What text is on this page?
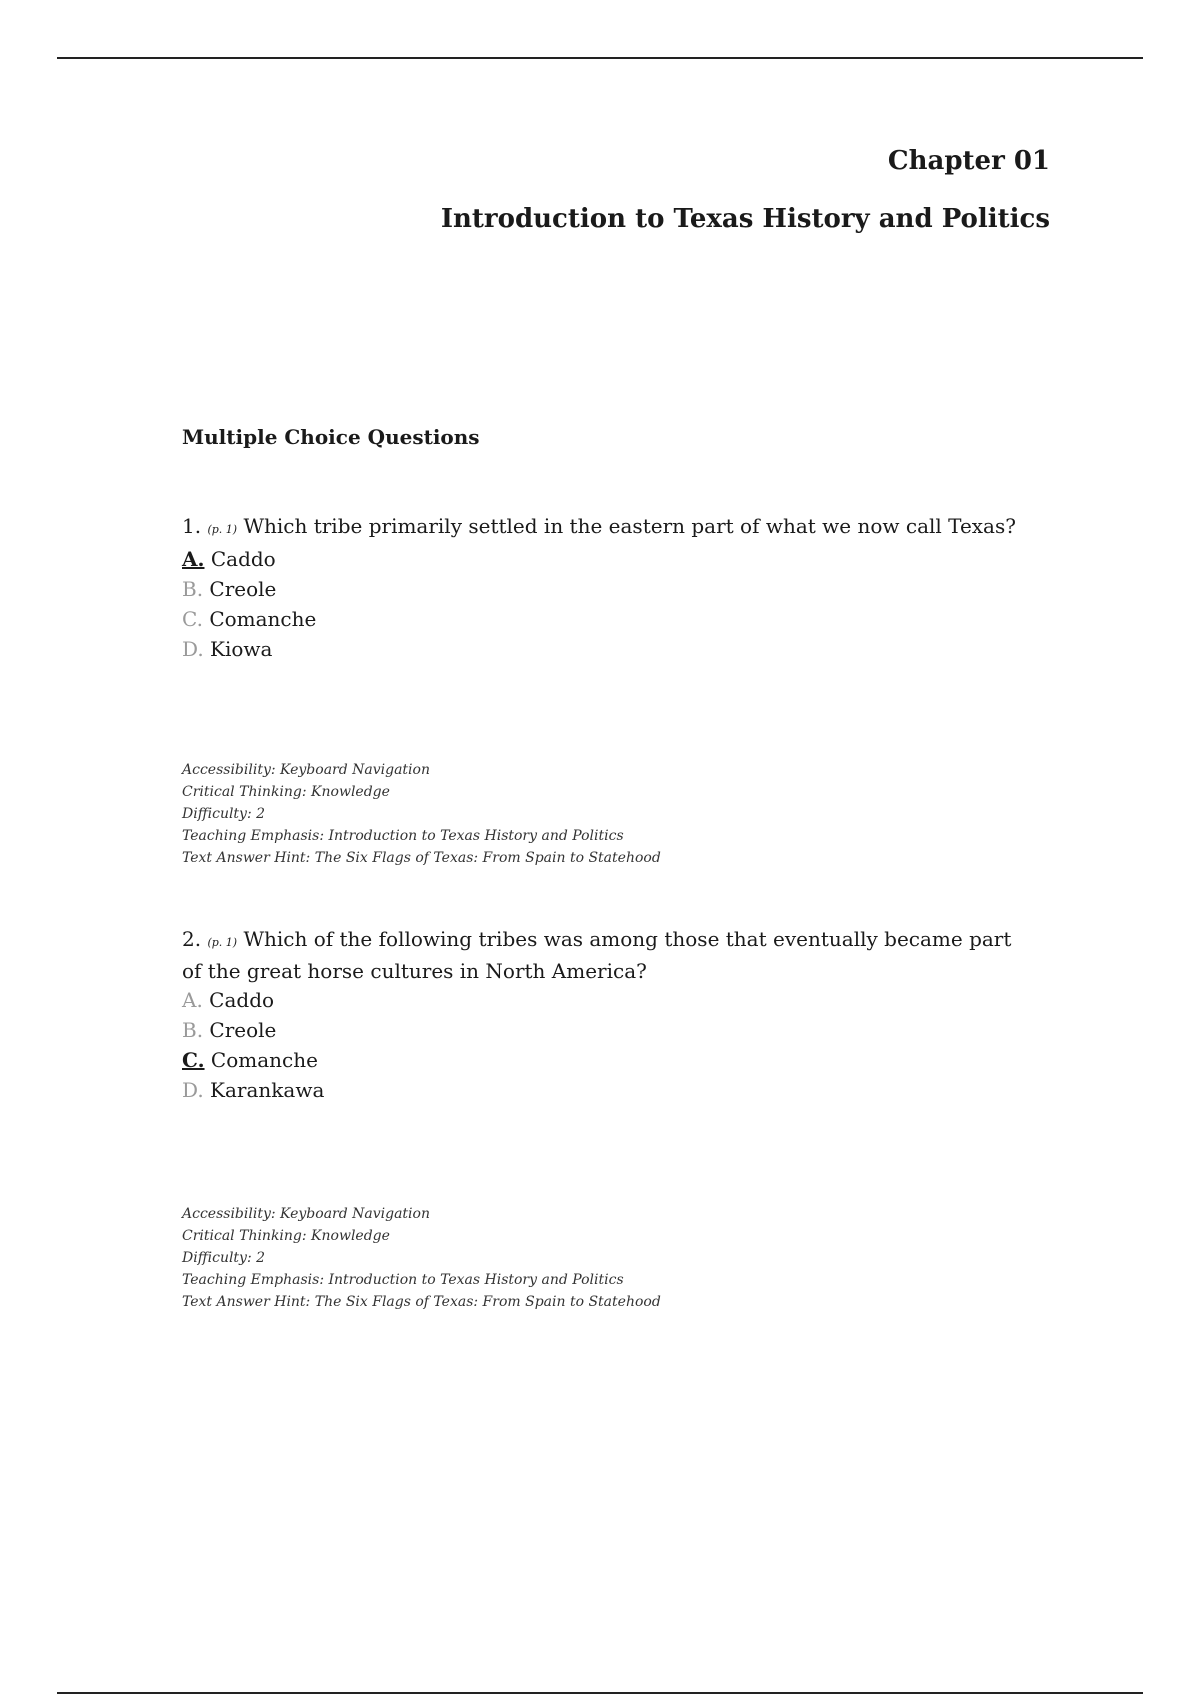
Chapter 01
Introduction to Texas History and Politics
Multiple Choice Questions

1. (p. 1) Which tribe primarily settled in the eastern part of what we now call Texas?

A. Caddo
B. Creole
C. Comanche
D. Kiowa

Accessibility: Keyboard Navigation

Critical Thinking: Knowledge

Difficulty: 2

Teaching Emphasis: Introduction to Texas History and Politics

Text Answer Hint: The Six Flags of Texas: From Spain to Statehood

2. (p. 1) Which of the following tribes was among those that eventually became part of the great horse cultures in North America?

A. Caddo
B. Creole
C. Comanche
D. Karankawa

Accessibility: Keyboard Navigation

Critical Thinking: Knowledge

Difficulty: 2

Teaching Emphasis: Introduction to Texas History and Politics

Text Answer Hint: The Six Flags of Texas: From Spain to Statehood
